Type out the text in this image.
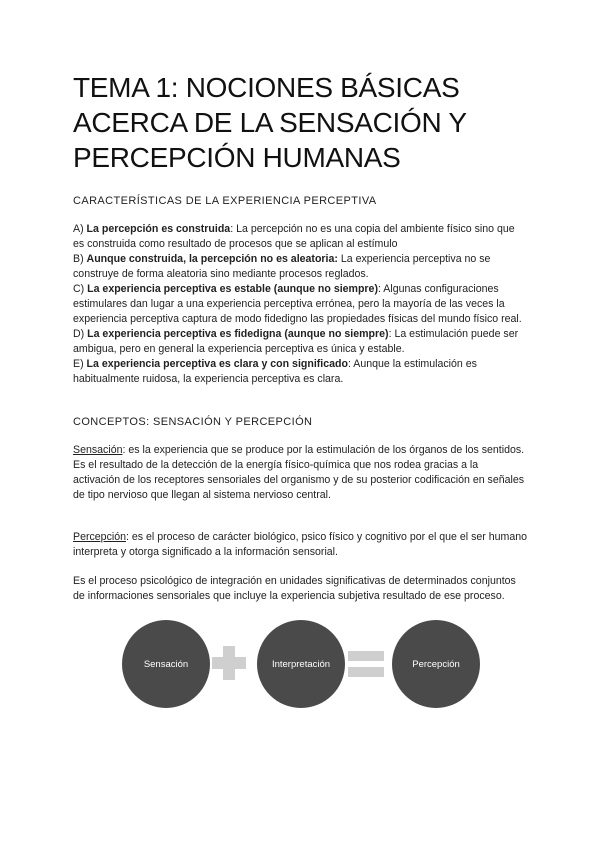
TEMA 1: NOCIONES BÁSICAS ACERCA DE LA SENSACIÓN Y PERCEPCIÓN HUMANAS
CARACTERÍSTICAS DE LA EXPERIENCIA PERCEPTIVA

A) La percepción es construida: La percepción no es una copia del ambiente físico sino que es construida como resultado de procesos que se aplican al estímulo

B) Aunque construida, la percepción no es aleatoria: La experiencia perceptiva no se construye de forma aleatoria sino mediante procesos reglados.

C) La experiencia perceptiva es estable (aunque no siempre): Algunas configuraciones estimulares dan lugar a una experiencia perceptiva errónea, pero la mayoría de las veces la experiencia perceptiva captura de modo fidedigno las propiedades físicas del mundo físico real.

D) La experiencia perceptiva es fidedigna (aunque no siempre): La estimulación puede ser ambigua, pero en general la experiencia perceptiva es única y estable.

E) La experiencia perceptiva es clara y con significado: Aunque la estimulación es habitualmente ruidosa, la experiencia perceptiva es clara.

CONCEPTOS: SENSACIÓN Y PERCEPCIÓN

Sensación: es la experiencia que se produce por la estimulación de los órganos de los sentidos.

Es el resultado de la detección de la energía físico-química que nos rodea gracias a la activación de los receptores sensoriales del organismo y de su posterior codificación en señales de tipo nervioso que llegan al sistema nervioso central.

Percepción: es el proceso de carácter biológico, psico físico y cognitivo por el que el ser humano interpreta y otorga significado a la información sensorial.

Es el proceso psicológico de integración en unidades significativas de determinados conjuntos de informaciones sensoriales que incluye la experiencia subjetiva resultado de ese proceso.
Sensación	Interpretación	Percepción
